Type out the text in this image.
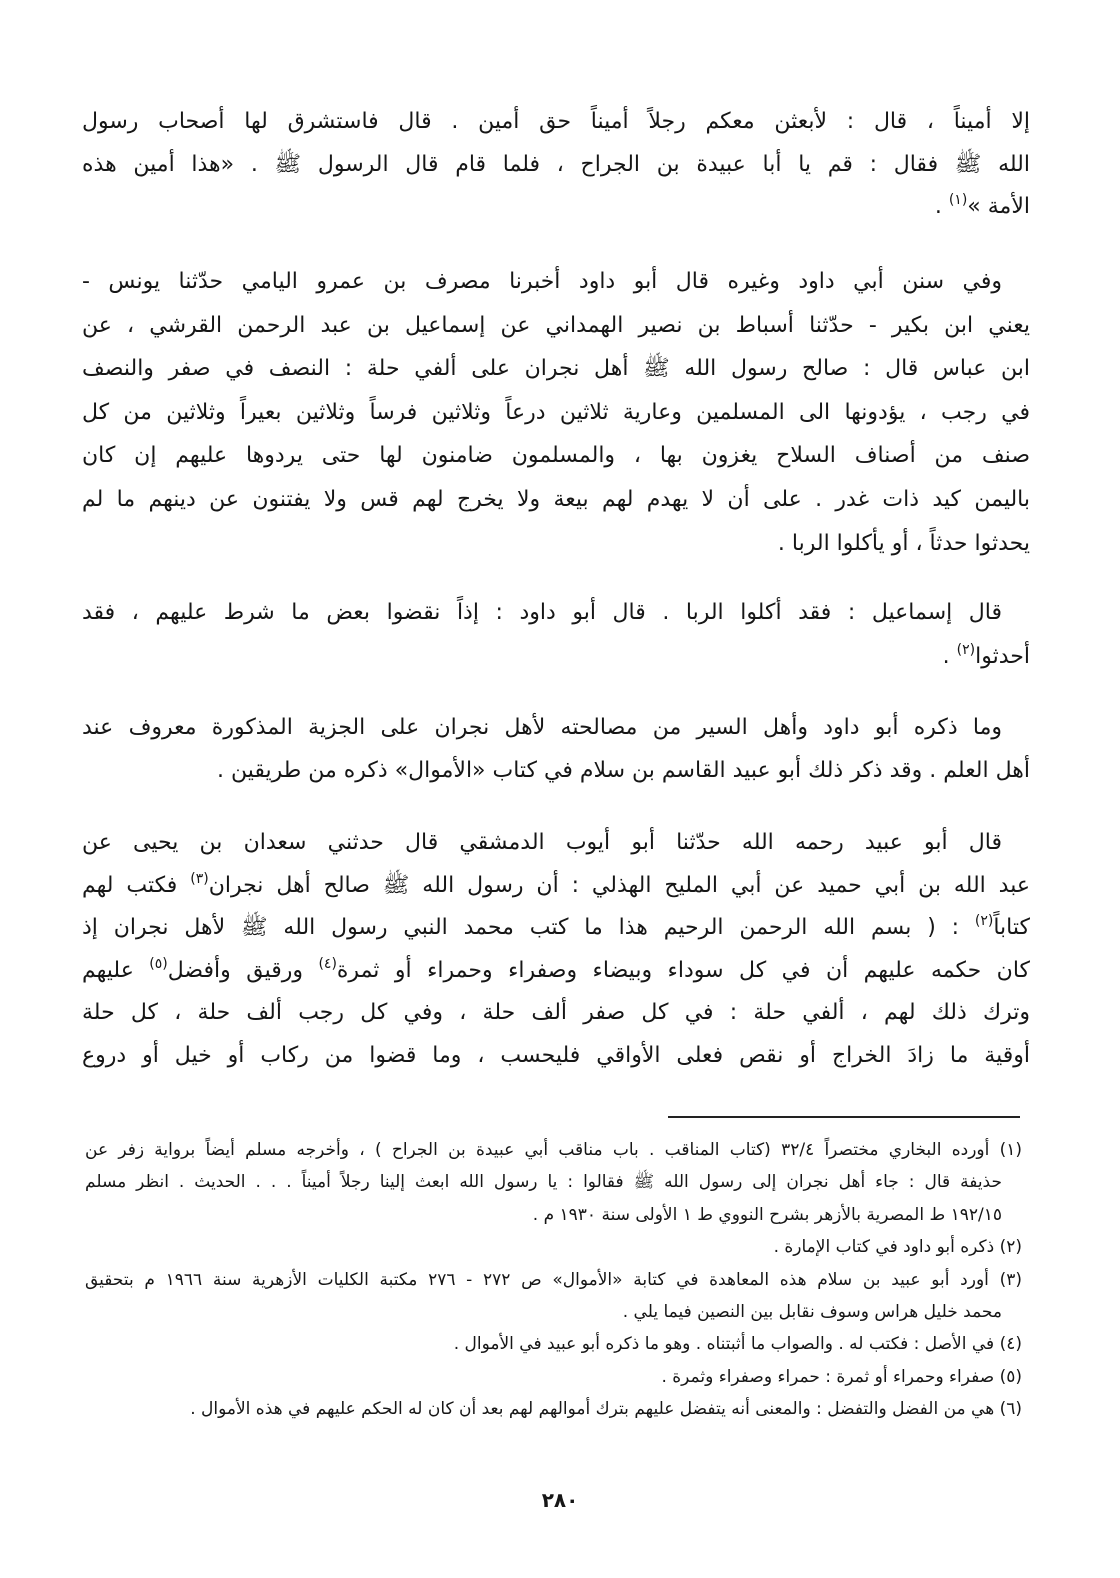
إلا أميناً ، قال : لأبعثن معكم رجلاً أميناً حق أمين . قال فاستشرق لها أصحاب رسول
الله ﷺ فقال : قم يا أبا عبيدة بن الجراح ، فلما قام قال الرسول ﷺ . «هذا أمين هذه
الأمة »$^{(١)}$ .
وفي سنن أبي داود وغيره قال أبو داود أخبرنا مصرف بن عمرو اليامي حدّثنا يونس -
يعني ابن بكير - حدّثنا أسباط بن نصير الهمداني عن إسماعيل بن عبد الرحمن القرشي ، عن
ابن عباس قال : صالح رسول الله ﷺ أهل نجران على ألفي حلة : النصف في صفر والنصف
في رجب ، يؤدونها الى المسلمين وعارية ثلاثين درعاً وثلاثين فرساً وثلاثين بعيراً وثلاثين من كل
صنف من أصناف السلاح يغزون بها ، والمسلمون ضامنون لها حتى يردوها عليهم إن كان
باليمن كيد ذات غدر . على أن لا يهدم لهم بيعة ولا يخرج لهم قس ولا يفتنون عن دينهم ما لم
يحدثوا حدثاً ، أو يأكلوا الربا .
قال إسماعيل : فقد أكلوا الربا . قال أبو داود : إذاً نقضوا بعض ما شرط عليهم ، فقد
أحدثوا$^{(٢)}$ .
وما ذكره أبو داود وأهل السير من مصالحته لأهل نجران على الجزية المذكورة معروف عند
أهل العلم . وقد ذكر ذلك أبو عبيد القاسم بن سلام في كتاب «الأموال» ذكره من طريقين .
قال أبو عبيد رحمه الله حدّثنا أبو أيوب الدمشقي قال حدثني سعدان بن يحيى عن
عبد الله بن أبي حميد عن أبي المليح الهذلي : أن رسول الله ﷺ صالح أهل نجران$^{(٣)}$ فكتب لهم
كتاباً$^{(٢)}$ : ( بسم الله الرحمن الرحيم هذا ما كتب محمد النبي رسول الله ﷺ لأهل نجران إذ
كان حكمه عليهم أن في كل سوداء وبيضاء وصفراء وحمراء أو ثمرة$^{(٤)}$ ورقيق وأفضل$^{(٥)}$ عليهم
وترك ذلك لهم ، ألفي حلة : في كل صفر ألف حلة ، وفي كل رجب ألف حلة ، كل حلة
أوقية ما زادَ الخراج أو نقص فعلى الأواقي فليحسب ، وما قضوا من ركاب أو خيل أو دروع
(١) أورده البخاري مختصراً ٣٢/٤ (كتاب المناقب . باب مناقب أبي عبيدة بن الجراح ) ، وأخرجه مسلم أيضاً برواية زفر عن
حذيفة قال : جاء أهل نجران إلى رسول الله ﷺ فقالوا : يا رسول الله ابعث إلينا رجلاً أميناً . . . الحديث . انظر مسلم
١٩٢/١٥ ط المصرية بالأزهر بشرح النووي ط ١ الأولى سنة ١٩٣٠ م .
(٢) ذكره أبو داود في كتاب الإمارة .
(٣) أورد أبو عبيد بن سلام هذه المعاهدة في كتابة «الأموال» ص ٢٧٢ - ٢٧٦ مكتبة الكليات الأزهرية سنة ١٩٦٦ م بتحقيق
محمد خليل هراس وسوف نقابل بين النصين فيما يلي .
(٤) في الأصل : فكتب له . والصواب ما أثبتناه . وهو ما ذكره أبو عبيد في الأموال .
(٥) صفراء وحمراء أو ثمرة : حمراء وصفراء وثمرة .
(٦) هي من الفضل والتفضل : والمعنى أنه يتفضل عليهم بترك أموالهم لهم بعد أن كان له الحكم عليهم في هذه الأموال .
٢٨٠
